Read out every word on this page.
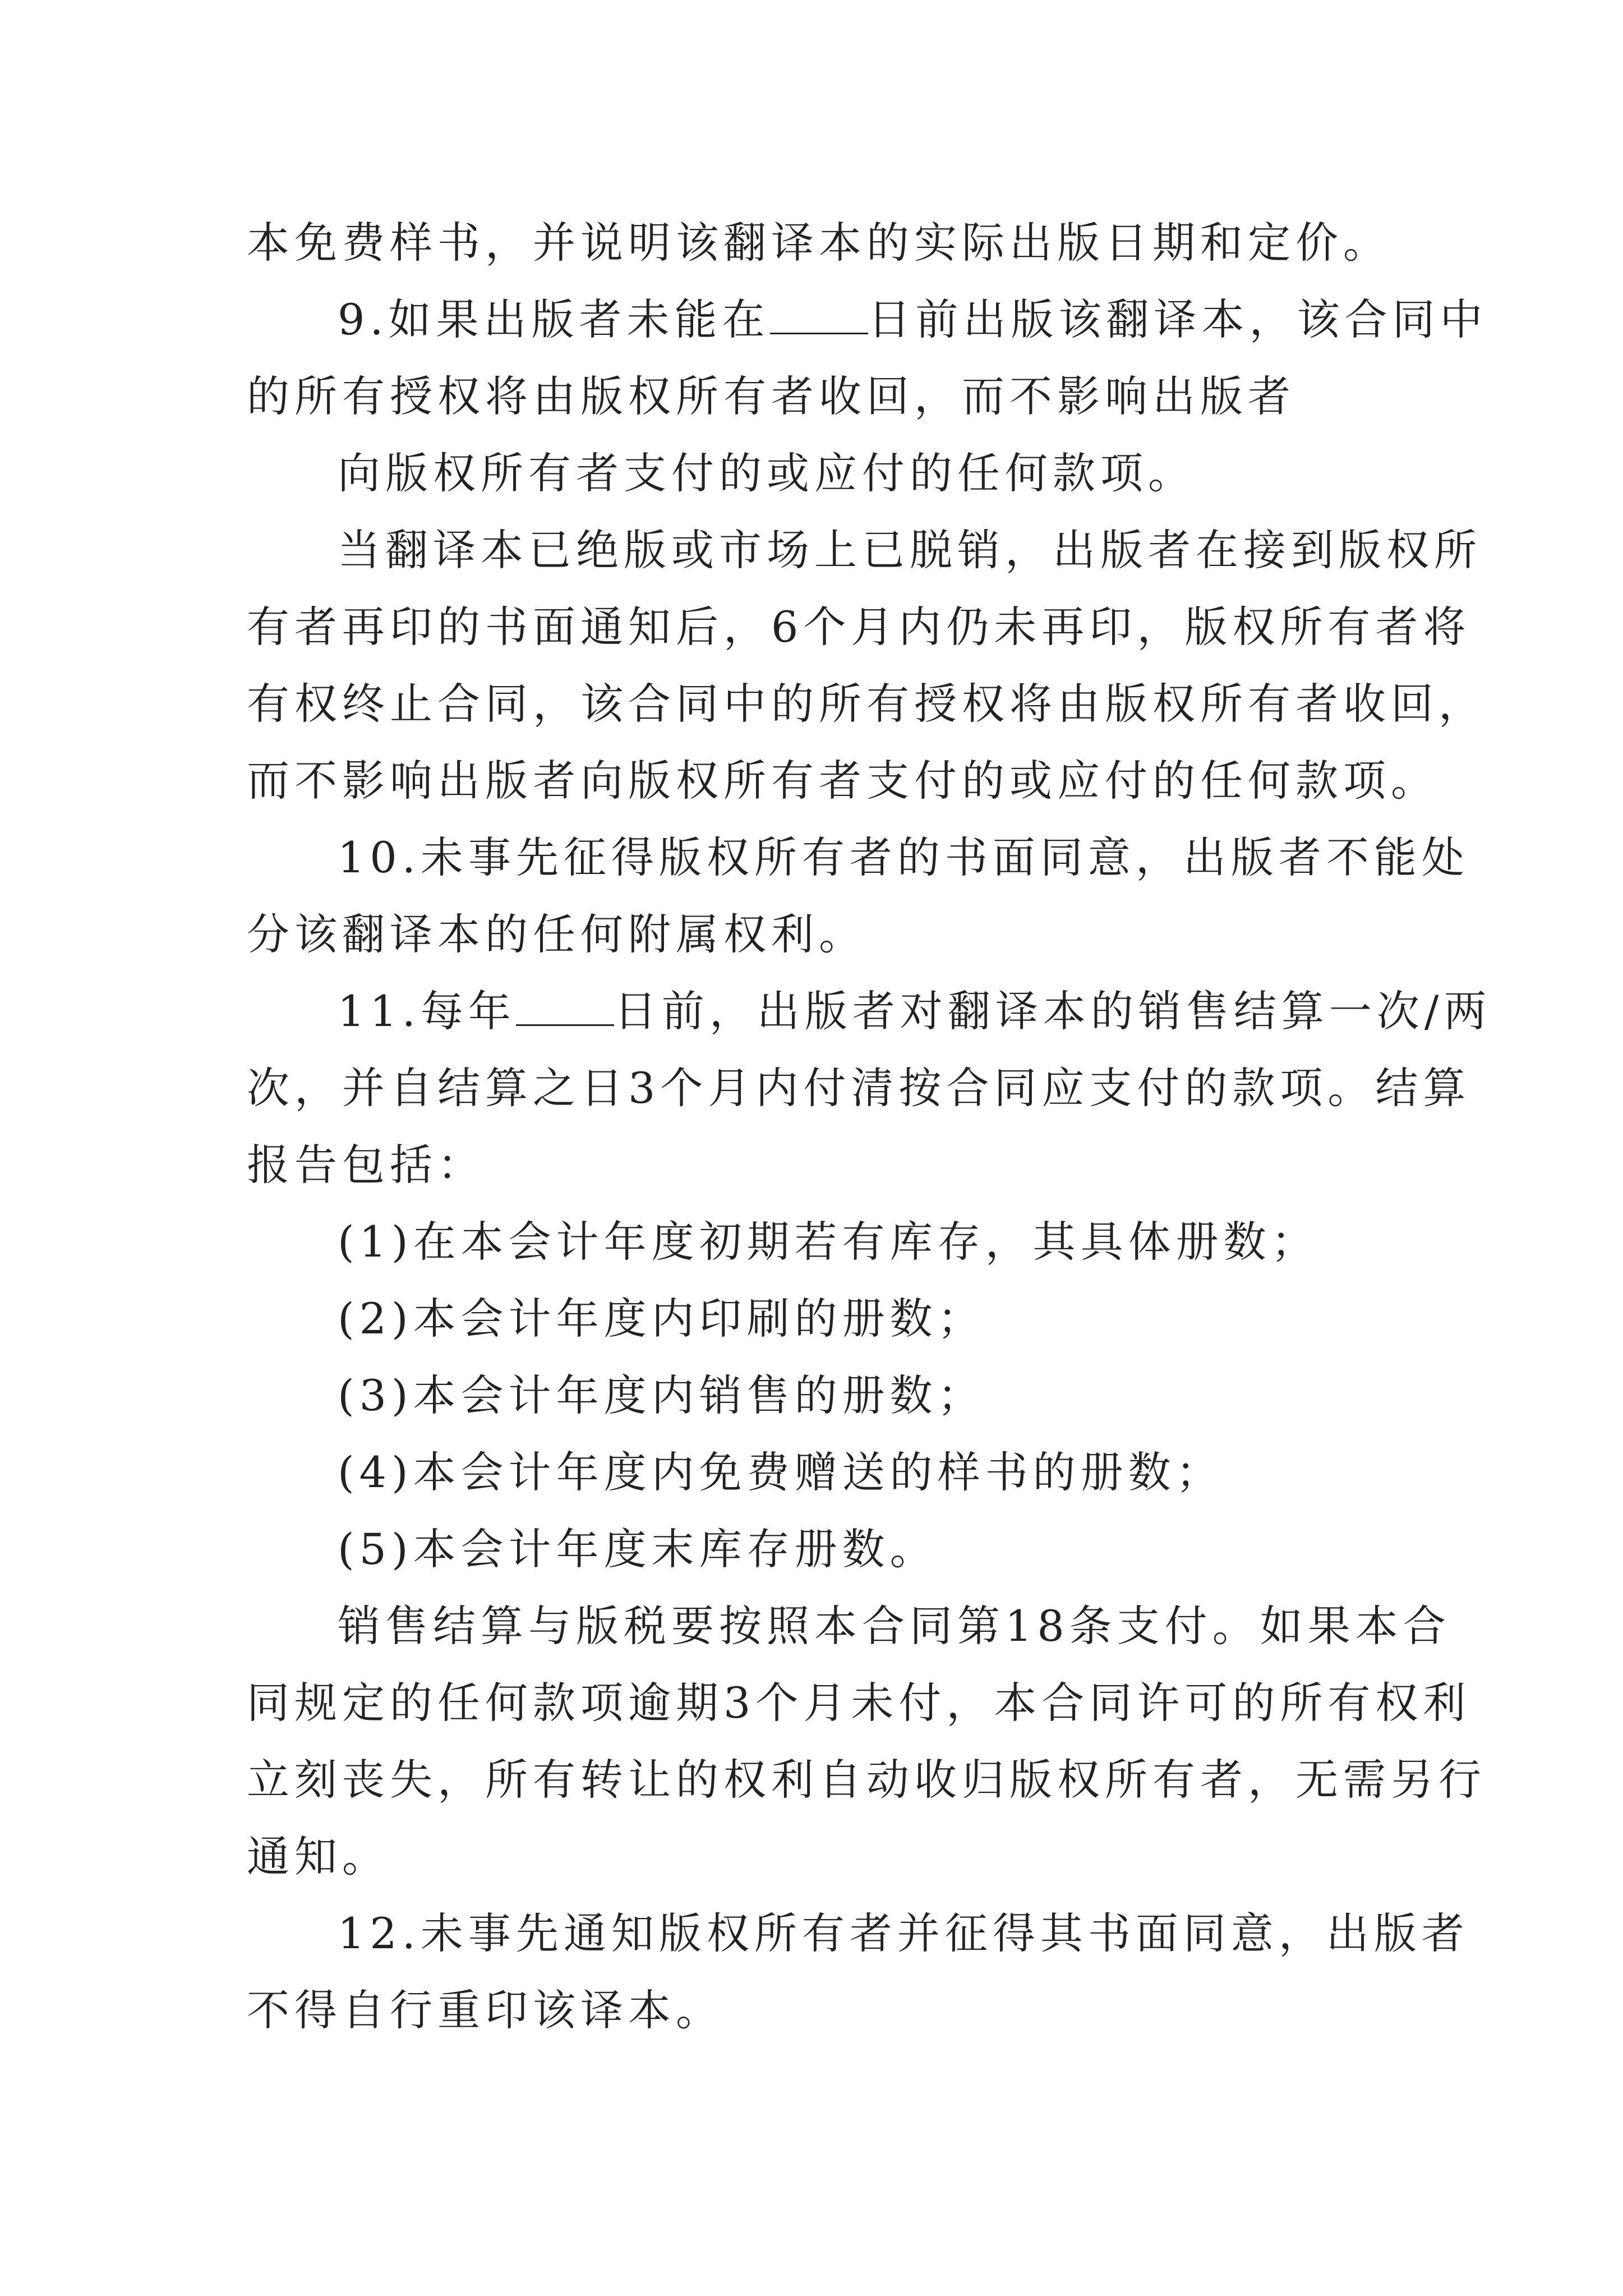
本免费样书，并说明该翻译本的实际出版日期和定价。

9.如果出版者未能在 日前出版该翻译本，该合同中

的所有授权将由版权所有者收回，而不影响出版者

向版权所有者支付的或应付的任何款项。

当翻译本已绝版或市场上已脱销，出版者在接到版权所

有者再印的书面通知后，6个月内仍未再印，版权所有者将

有权终止合同，该合同中的所有授权将由版权所有者收回，

而不影响出版者向版权所有者支付的或应付的任何款项。

10.未事先征得版权所有者的书面同意，出版者不能处

分该翻译本的任何附属权利。

11.每年 日前，出版者对翻译本的销售结算一次/两

次，并自结算之日3个月内付清按合同应支付的款项。结算

报告包括：

(1)在本会计年度初期若有库存，其具体册数；

(2)本会计年度内印刷的册数；

(3)本会计年度内销售的册数；

(4)本会计年度内免费赠送的样书的册数；

(5)本会计年度末库存册数。

销售结算与版税要按照本合同第18条支付。如果本合

同规定的任何款项逾期3个月未付，本合同许可的所有权利

立刻丧失，所有转让的权利自动收归版权所有者，无需另行

通知。

12.未事先通知版权所有者并征得其书面同意，出版者

不得自行重印该译本。
